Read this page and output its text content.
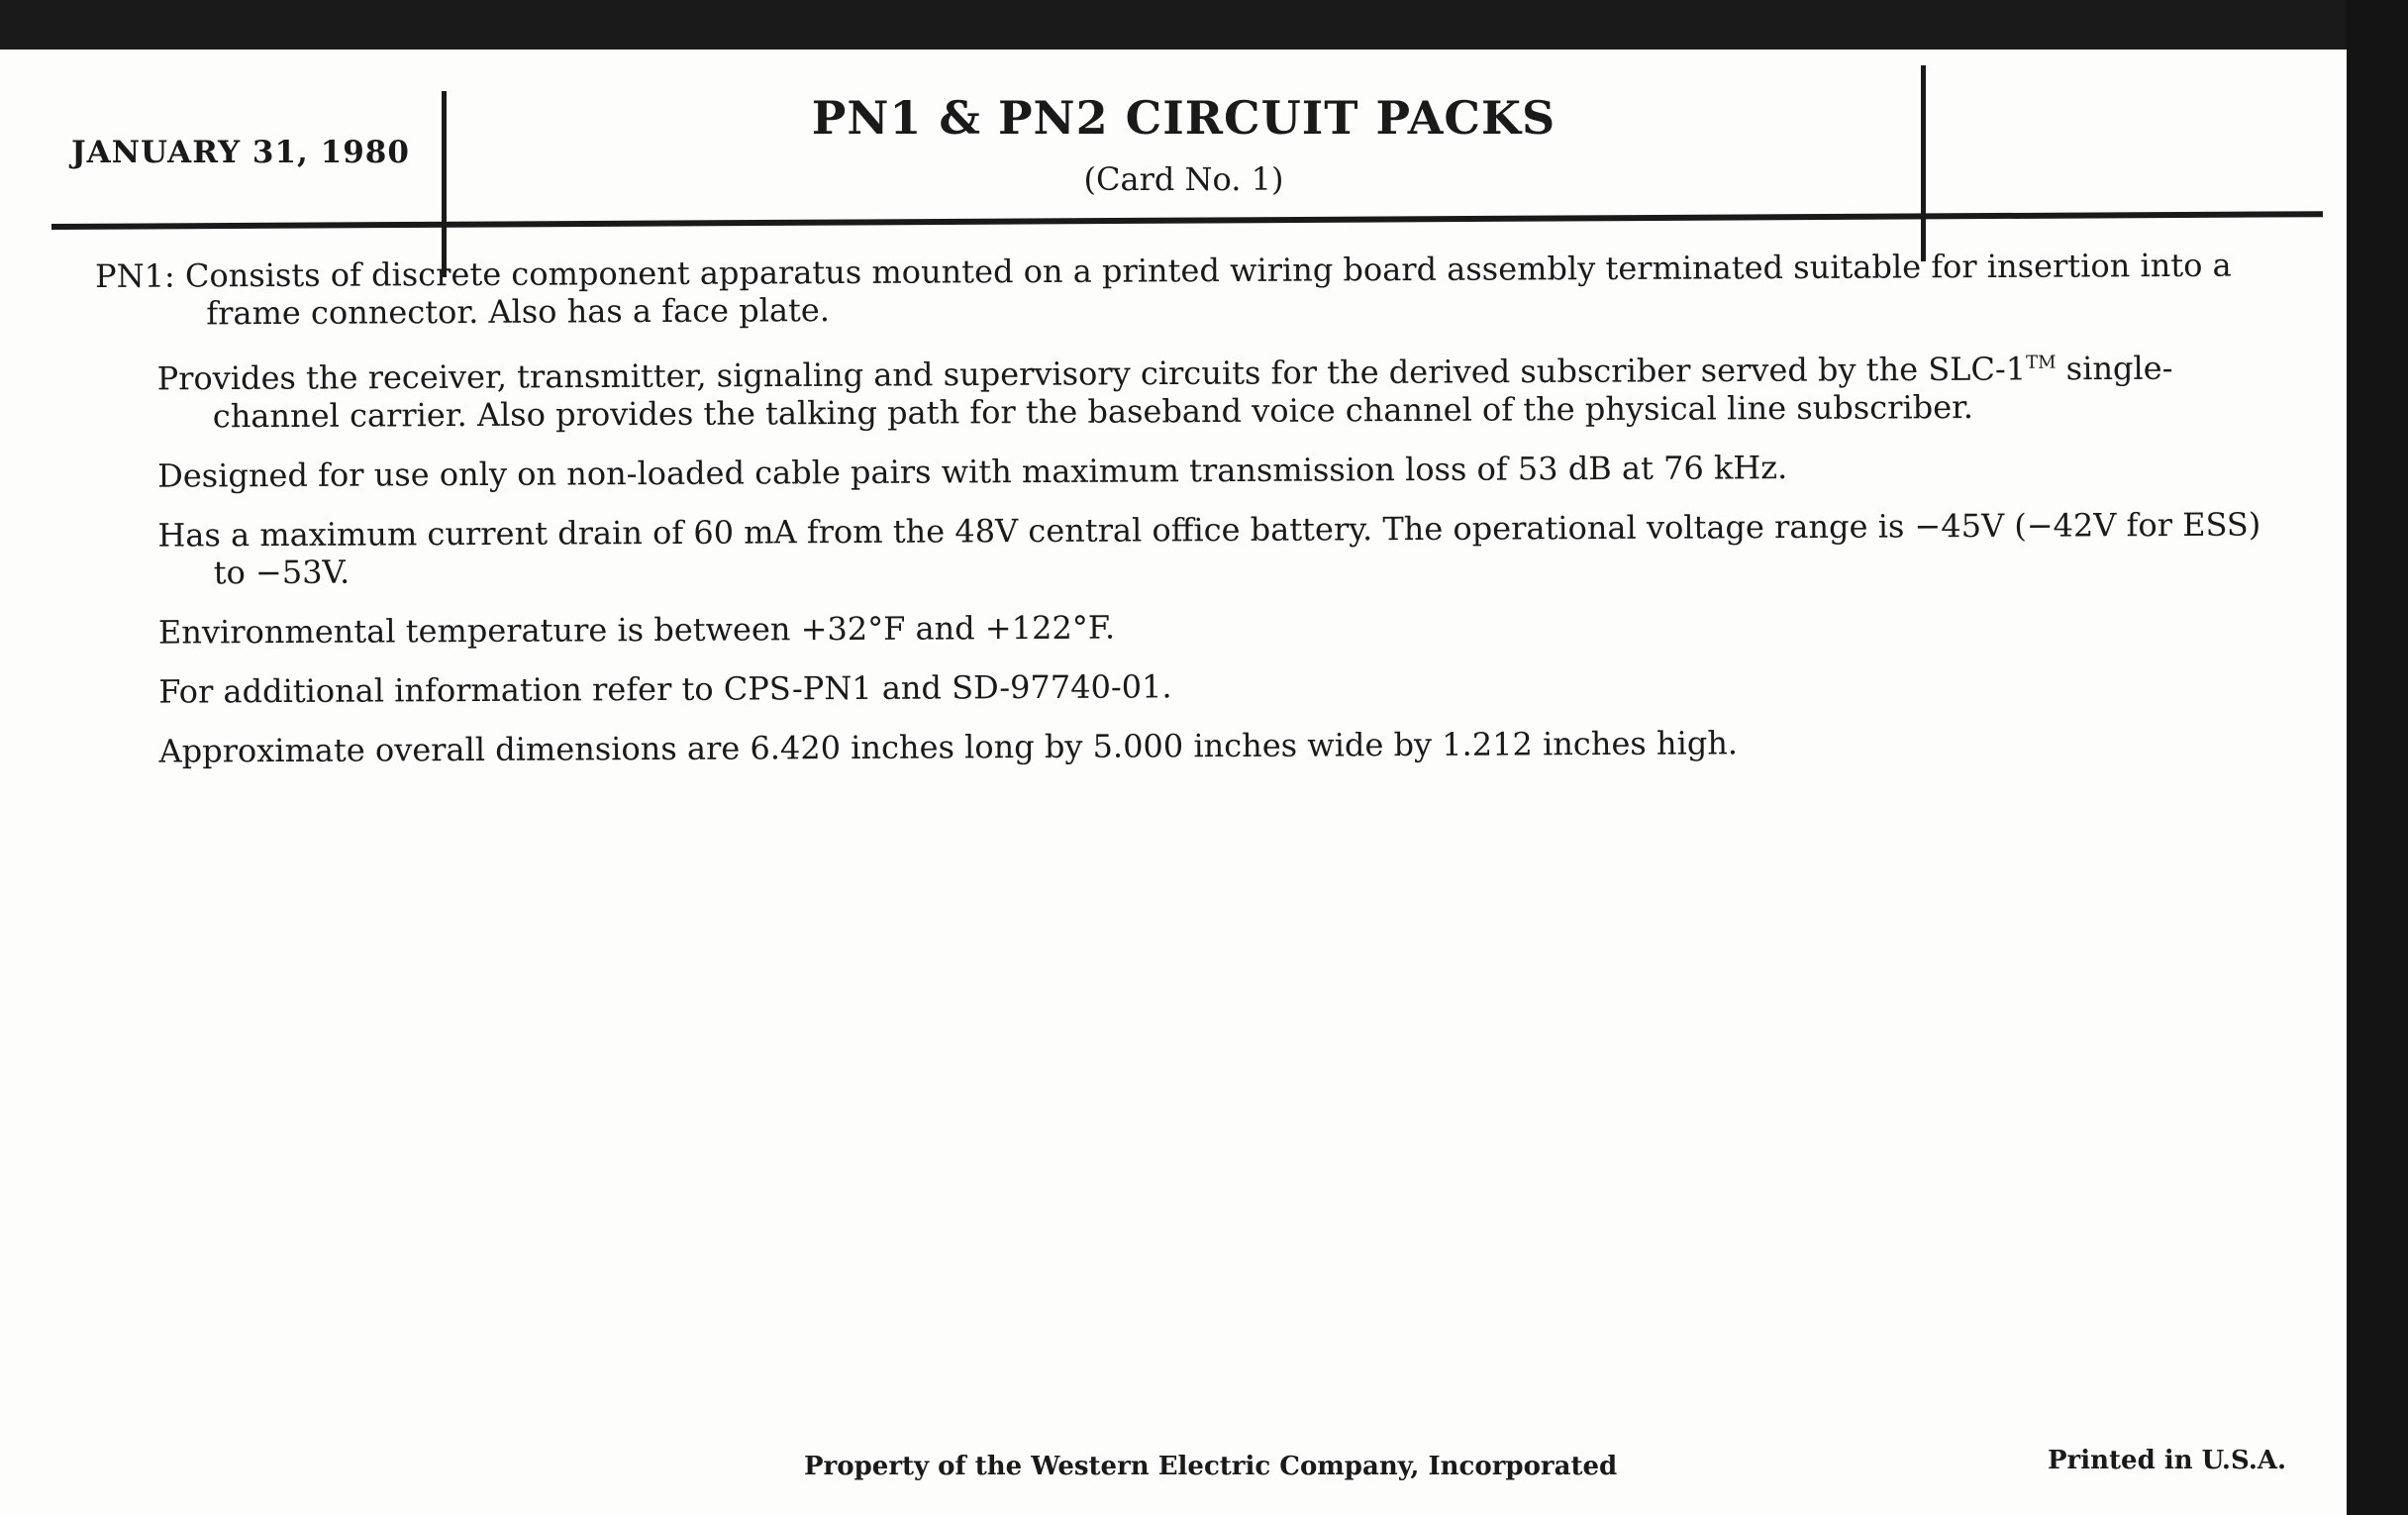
JANUARY 31, 1980
PN1 & PN2 CIRCUIT PACKS
(Card No. 1)

PN1: Consists of discrete component apparatus mounted on a printed wiring board assembly terminated suitable for insertion into a frame connector. Also has a face plate.

Provides the receiver, transmitter, signaling and supervisory circuits for the derived subscriber served by the SLC-1™ single-channel carrier. Also provides the talking path for the baseband voice channel of the physical line subscriber.

Designed for use only on non-loaded cable pairs with maximum transmission loss of 53 dB at 76 kHz.

Has a maximum current drain of 60 mA from the 48V central office battery. The operational voltage range is −45V (−42V for ESS) to −53V.

Environmental temperature is between +32°F and +122°F.

For additional information refer to CPS-PN1 and SD-97740-01.

Approximate overall dimensions are 6.420 inches long by 5.000 inches wide by 1.212 inches high.

Property of the Western Electric Company, Incorporated	Printed in U.S.A.
